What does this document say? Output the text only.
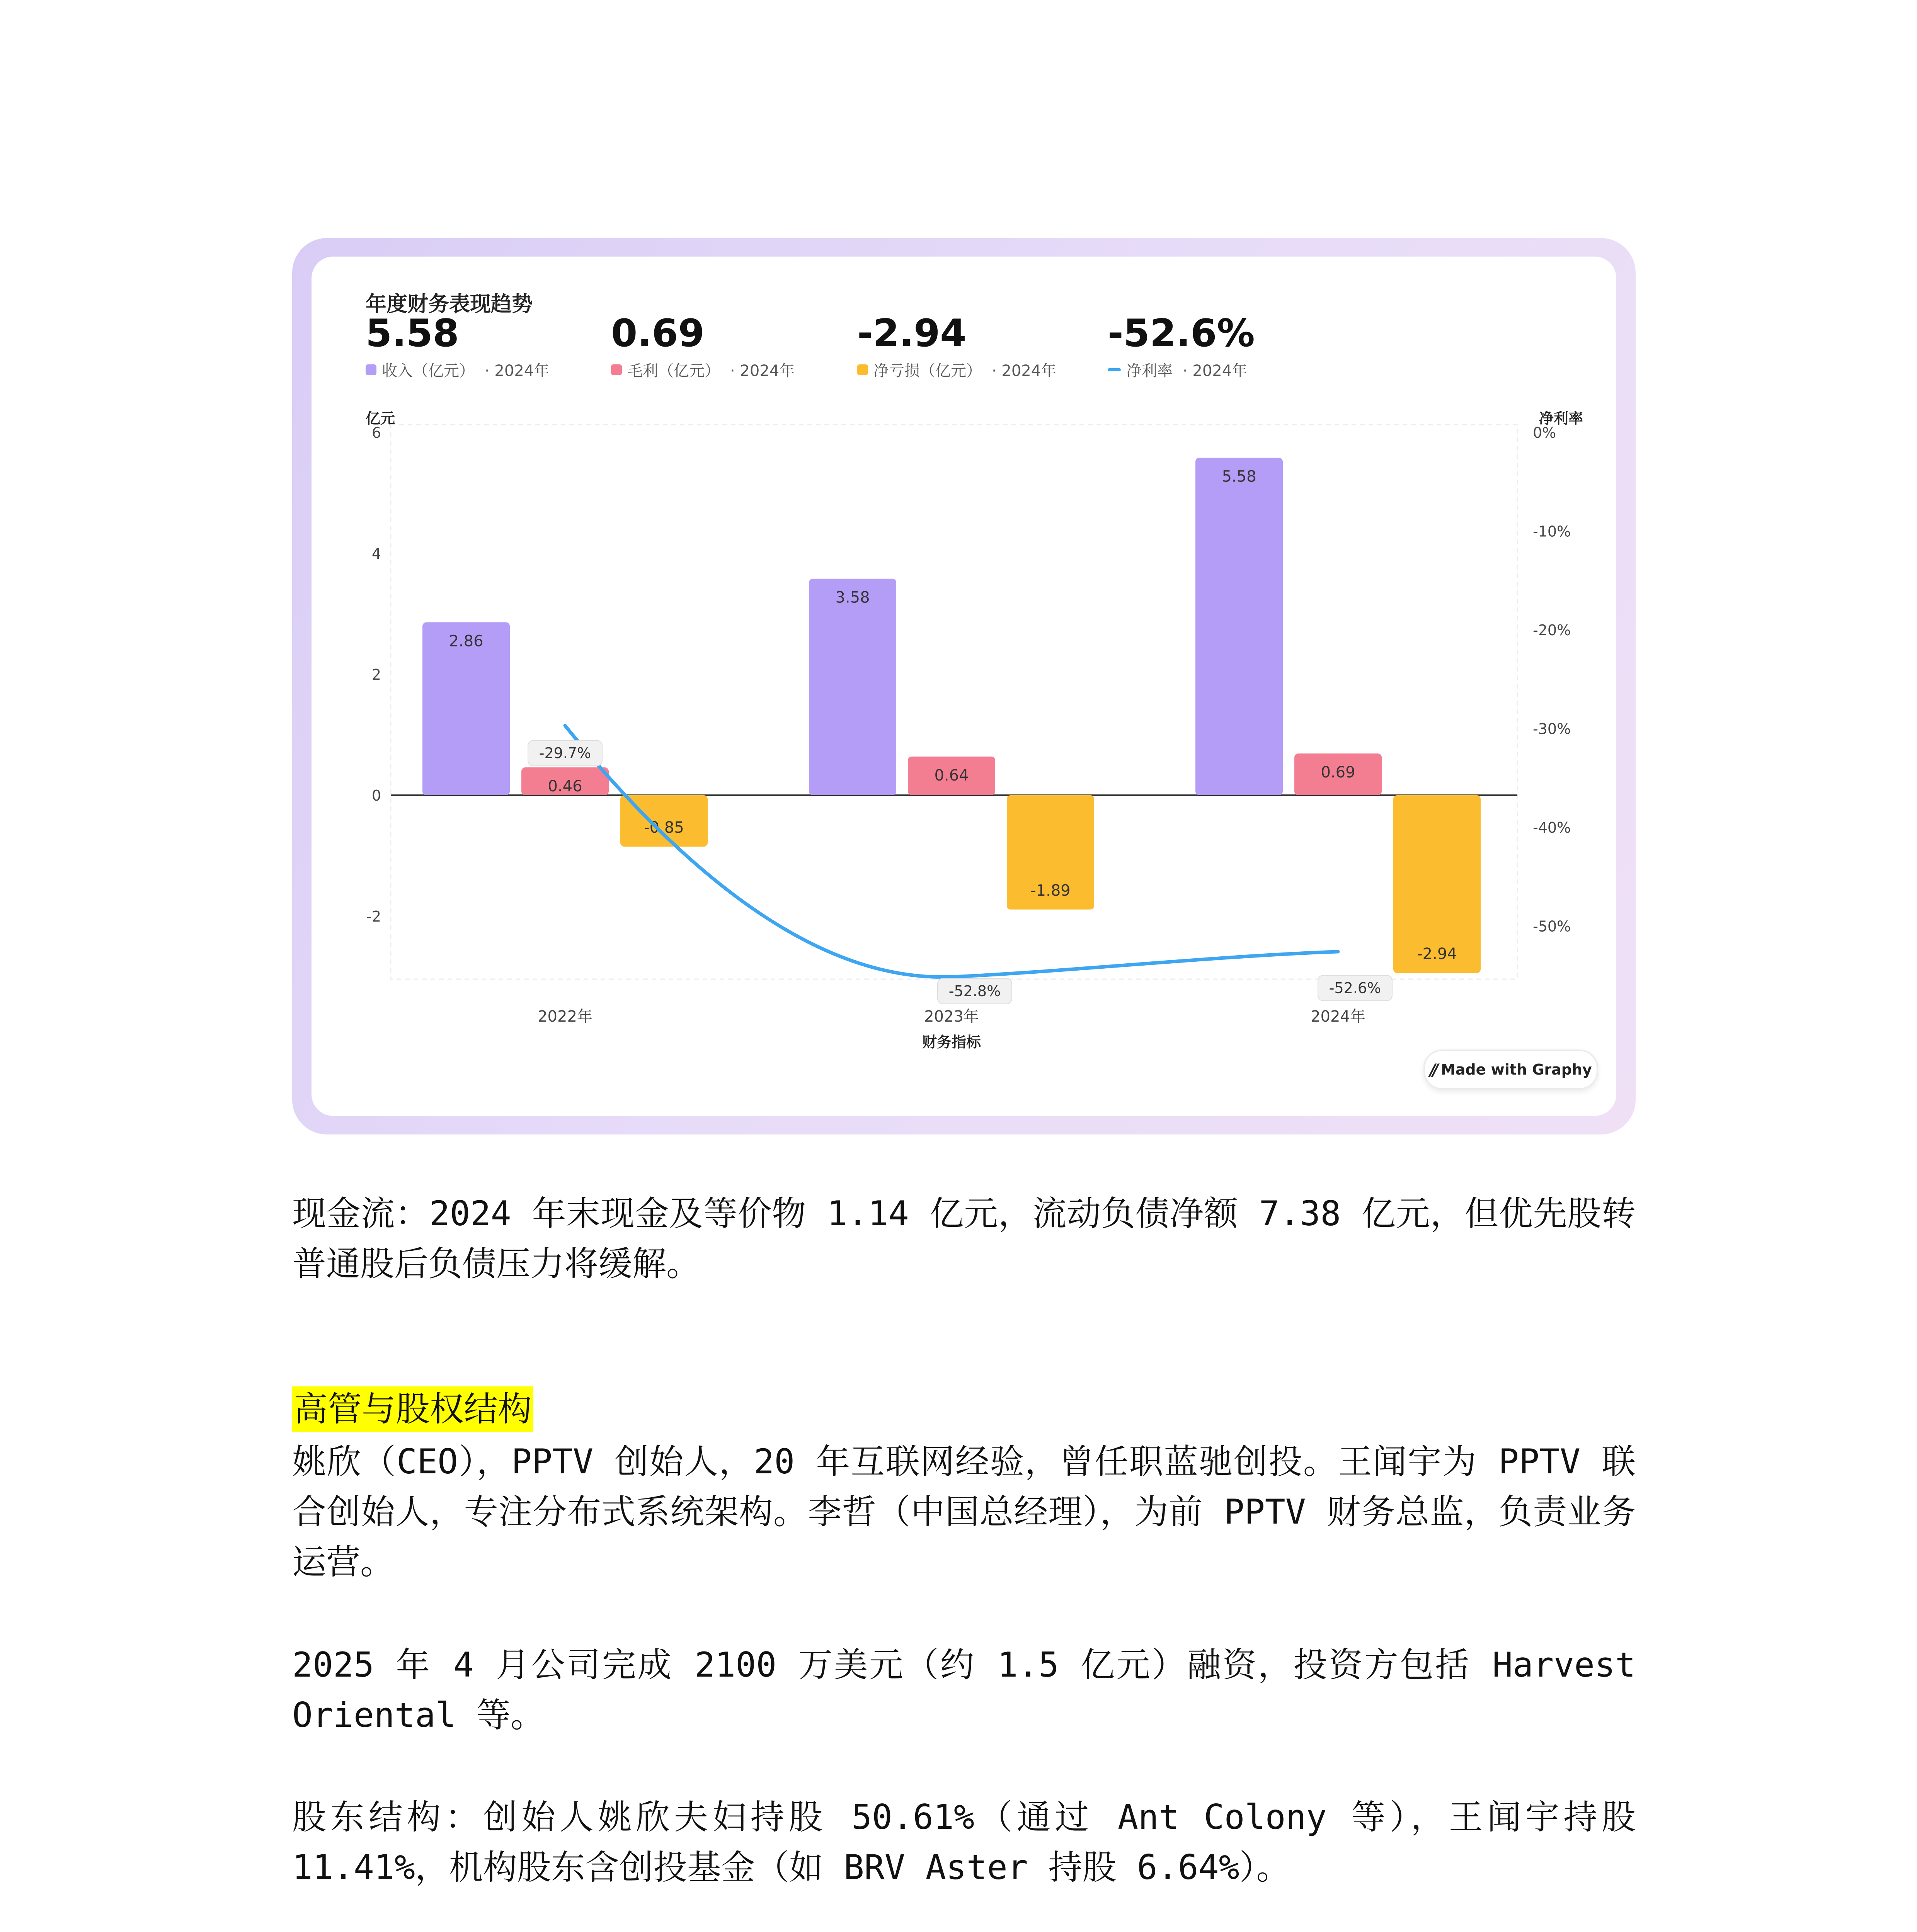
年度财务表现趋势
5.58
收入（亿元） · 2024年
0.69
毛利（亿元） · 2024年
-2.94
净亏损（亿元） · 2024年
-52.6%
净利率 · 2024年
亿元	净利率
6
4
2
0
-2
0%
-10%
-20%
-30%
-40%
-50%
2.86
3.58
5.58
0.46
0.64	0.69
-0.85
-1.89
-2.94
-29.7%
-52.8%	-52.6%
2022年	2023年	2024年
财务指标
// Made with Graphy
现金流：2024 年末现金及等价物 1.14 亿元，流动负债净额 7.38 亿元，但优先股转普通股后负债压力将缓解。
高管与股权结构
姚欣（CEO），PPTV 创始人，20 年互联网经验，曾任职蓝驰创投。王闻宇为 PPTV 联合创始人，专注分布式系统架构。李哲（中国总经理），为前 PPTV 财务总监，负责业务运营。
2025 年 4 月公司完成 2100 万美元（约 1.5 亿元）融资，投资方包括 Harvest Oriental 等。
股东结构：创始人姚欣夫妇持股 50.61%（通过 Ant Colony 等），王闻宇持股 11.41%，机构股东含创投基金（如 BRV Aster 持股 6.64%）。
